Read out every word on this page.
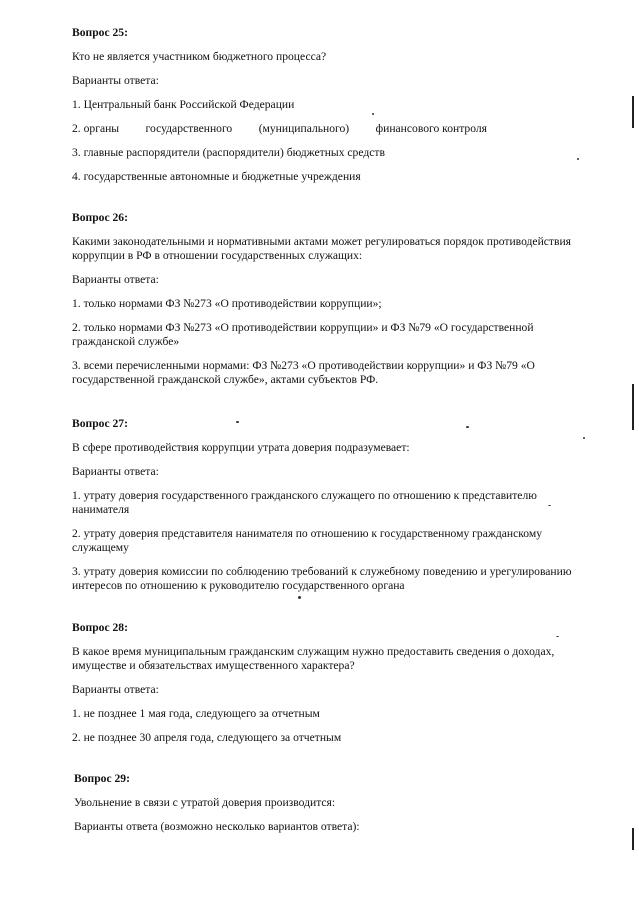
Вопрос 25:
Кто не является участником бюджетного процесса?
Варианты ответа:
1. Центральный банк Российской Федерации
2. органы государственного (муниципального) финансового контроля
3. главные распорядители (распорядители) бюджетных средств
4. государственные автономные и бюджетные учреждения
Вопрос 26:
Какими законодательными и нормативными актами может регулироваться порядок противодействия коррупции в РФ в отношении государственных служащих:
Варианты ответа:
1. только нормами ФЗ №273 «О противодействии коррупции»;
2. только нормами ФЗ №273 «О противодействии коррупции» и ФЗ №79 «О государственной гражданской службе»
3. всеми перечисленными нормами: ФЗ №273 «О противодействии коррупции» и ФЗ №79 «О государственной гражданской службе», актами субъектов РФ.
Вопрос 27:
В сфере противодействия коррупции утрата доверия подразумевает:
Варианты ответа:
1. утрату доверия государственного гражданского служащего по отношению к представителю нанимателя
2. утрату доверия представителя нанимателя по отношению к государственному гражданскому служащему
3. утрату доверия комиссии по соблюдению требований к служебному поведению и урегулированию интересов по отношению к руководителю государственного органа
Вопрос 28:
В какое время муниципальным гражданским служащим нужно предоставить сведения о доходах, имуществе и обязательствах имущественного характера?
Варианты ответа:
1. не позднее 1 мая года, следующего за отчетным
2. не позднее 30 апреля года, следующего за отчетным
Вопрос 29:
Увольнение в связи с утратой доверия производится:
Варианты ответа (возможно несколько вариантов ответа):
